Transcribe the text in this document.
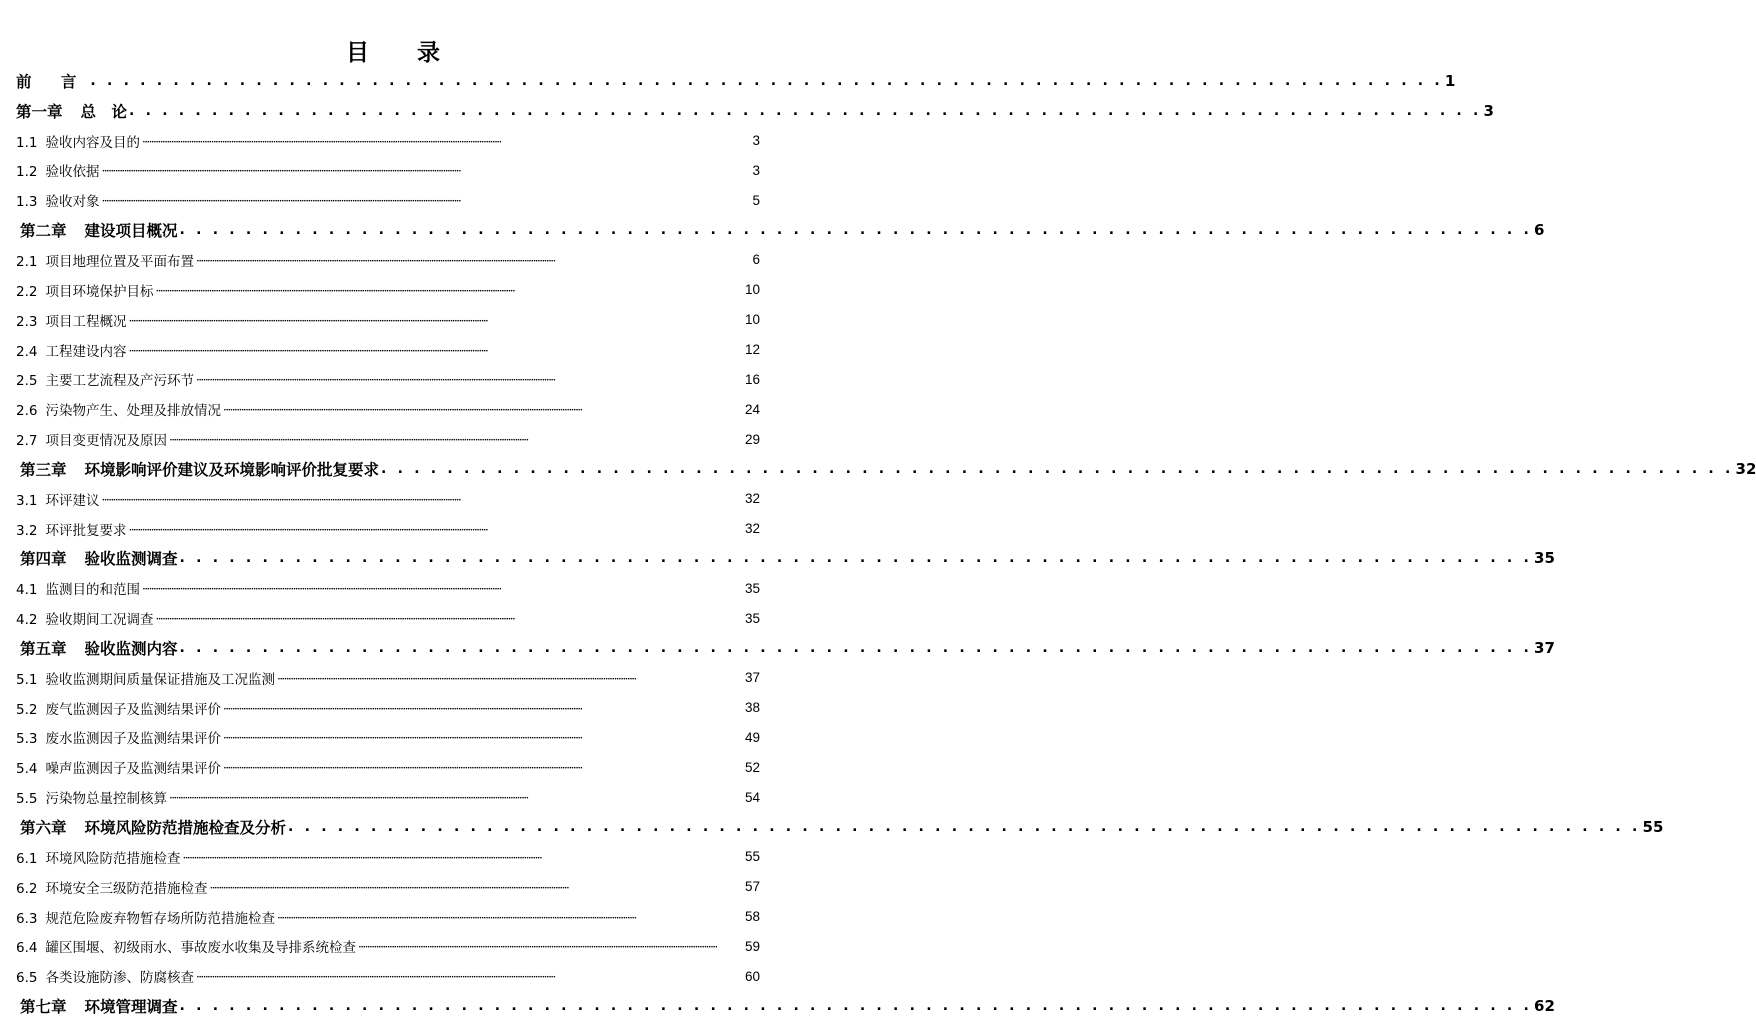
目 录
前 言 . . . . . . . . . . . . . . . . . . . . . . . . . . . . . . . . . . . . . . . . . . . . . . . . . . . . . . . . . . . . . . . . . . . . . . . . . . . . . . . . . . 1
第一章 总　论 . . . . . . . . . . . . . . . . . . . . . . . . . . . . . . . . . . . . . . . . . . . . . . . . . . . . . . . . . . . . . . . . . . . . . . . . . . . . . . . . . . 3
1.1 验收内容及目的 ··································································································································································	3
1.2 验收依据 ··································································································································································	3
1.3 验收对象 ··································································································································································	5
第二章 建设项目概况 . . . . . . . . . . . . . . . . . . . . . . . . . . . . . . . . . . . . . . . . . . . . . . . . . . . . . . . . . . . . . . . . . . . . . . . . . . . . . . . . . . 6
2.1 项目地理位置及平面布置 ··································································································································································	6
2.2 项目环境保护目标 ··································································································································································	10
2.3 项目工程概况 ··································································································································································	10
2.4 工程建设内容 ··································································································································································	12
2.5 主要工艺流程及产污环节 ··································································································································································	16
2.6 污染物产生、处理及排放情况 ··································································································································································	24
2.7 项目变更情况及原因 ··································································································································································	29
第三章 环境影响评价建议及环境影响评价批复要求 . . . . . . . . . . . . . . . . . . . . . . . . . . . . . . . . . . . . . . . . . . . . . . . . . . . . . . . . . . . . . . . . . . . . . . . . . . . . . . . . . . 32
3.1 环评建议 ··································································································································································	32
3.2 环评批复要求 ··································································································································································	32
第四章 验收监测调查 . . . . . . . . . . . . . . . . . . . . . . . . . . . . . . . . . . . . . . . . . . . . . . . . . . . . . . . . . . . . . . . . . . . . . . . . . . . . . . . . . . 35
4.1 监测目的和范围 ··································································································································································	35
4.2 验收期间工况调查 ··································································································································································	35
第五章 验收监测内容 . . . . . . . . . . . . . . . . . . . . . . . . . . . . . . . . . . . . . . . . . . . . . . . . . . . . . . . . . . . . . . . . . . . . . . . . . . . . . . . . . . 37
5.1 验收监测期间质量保证措施及工况监测 ··································································································································································	37
5.2 废气监测因子及监测结果评价 ··································································································································································	38
5.3 废水监测因子及监测结果评价 ··································································································································································	49
5.4 噪声监测因子及监测结果评价 ··································································································································································	52
5.5 污染物总量控制核算 ··································································································································································	54
第六章 环境风险防范措施检查及分析 . . . . . . . . . . . . . . . . . . . . . . . . . . . . . . . . . . . . . . . . . . . . . . . . . . . . . . . . . . . . . . . . . . . . . . . . . . . . . . . . . . 55
6.1 环境风险防范措施检查 ··································································································································································	55
6.2 环境安全三级防范措施检查 ··································································································································································	57
6.3 规范危险废弃物暂存场所防范措施检查 ··································································································································································	58
6.4 罐区围堰、初级雨水、事故废水收集及导排系统检查 ··································································································································································	59
6.5 各类设施防渗、防腐核查 ··································································································································································	60
第七章 环境管理调查 . . . . . . . . . . . . . . . . . . . . . . . . . . . . . . . . . . . . . . . . . . . . . . . . . . . . . . . . . . . . . . . . . . . . . . . . . . . . . . . . . . 62
